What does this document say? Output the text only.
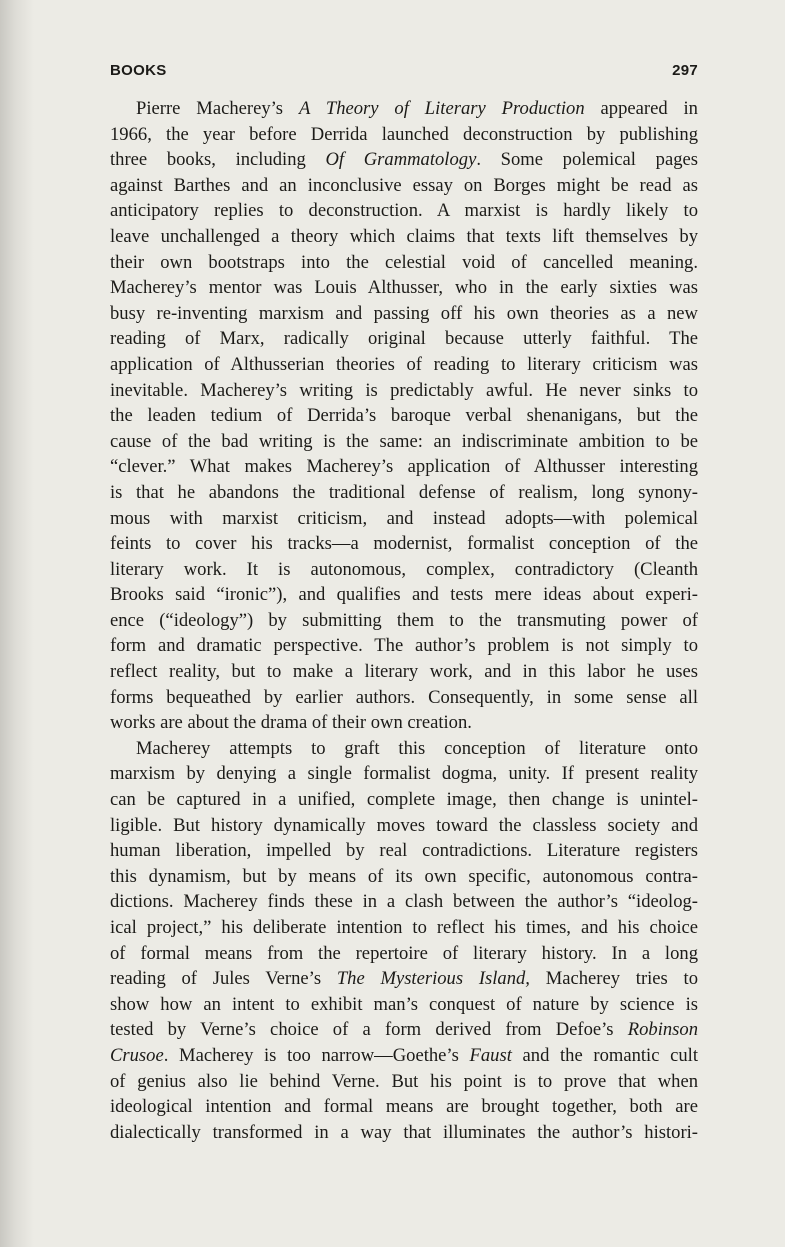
BOOKS	297
Pierre Macherey’s A Theory of Literary Production appeared in
1966, the year before Derrida launched deconstruction by publishing
three books, including Of Grammatology. Some polemical pages
against Barthes and an inconclusive essay on Borges might be read as
anticipatory replies to deconstruction. A marxist is hardly likely to
leave unchallenged a theory which claims that texts lift themselves by
their own bootstraps into the celestial void of cancelled meaning.
Macherey’s mentor was Louis Althusser, who in the early sixties was
busy re-inventing marxism and passing off his own theories as a new
reading of Marx, radically original because utterly faithful. The
application of Althusserian theories of reading to literary criticism was
inevitable. Macherey’s writing is predictably awful. He never sinks to
the leaden tedium of Derrida’s baroque verbal shenanigans, but the
cause of the bad writing is the same: an indiscriminate ambition to be
“clever.” What makes Macherey’s application of Althusser interesting
is that he abandons the traditional defense of realism, long synony-
mous with marxist criticism, and instead adopts—with polemical
feints to cover his tracks—a modernist, formalist conception of the
literary work. It is autonomous, complex, contradictory (Cleanth
Brooks said “ironic”), and qualifies and tests mere ideas about experi-
ence (“ideology”) by submitting them to the transmuting power of
form and dramatic perspective. The author’s problem is not simply to
reflect reality, but to make a literary work, and in this labor he uses
forms bequeathed by earlier authors. Consequently, in some sense all
works are about the drama of their own creation.
Macherey attempts to graft this conception of literature onto
marxism by denying a single formalist dogma, unity. If present reality
can be captured in a unified, complete image, then change is unintel-
ligible. But history dynamically moves toward the classless society and
human liberation, impelled by real contradictions. Literature registers
this dynamism, but by means of its own specific, autonomous contra-
dictions. Macherey finds these in a clash between the author’s “ideolog-
ical project,” his deliberate intention to reflect his times, and his choice
of formal means from the repertoire of literary history. In a long
reading of Jules Verne’s The Mysterious Island, Macherey tries to
show how an intent to exhibit man’s conquest of nature by science is
tested by Verne’s choice of a form derived from Defoe’s Robinson
Crusoe. Macherey is too narrow—Goethe’s Faust and the romantic cult
of genius also lie behind Verne. But his point is to prove that when
ideological intention and formal means are brought together, both are
dialectically transformed in a way that illuminates the author’s histori-
